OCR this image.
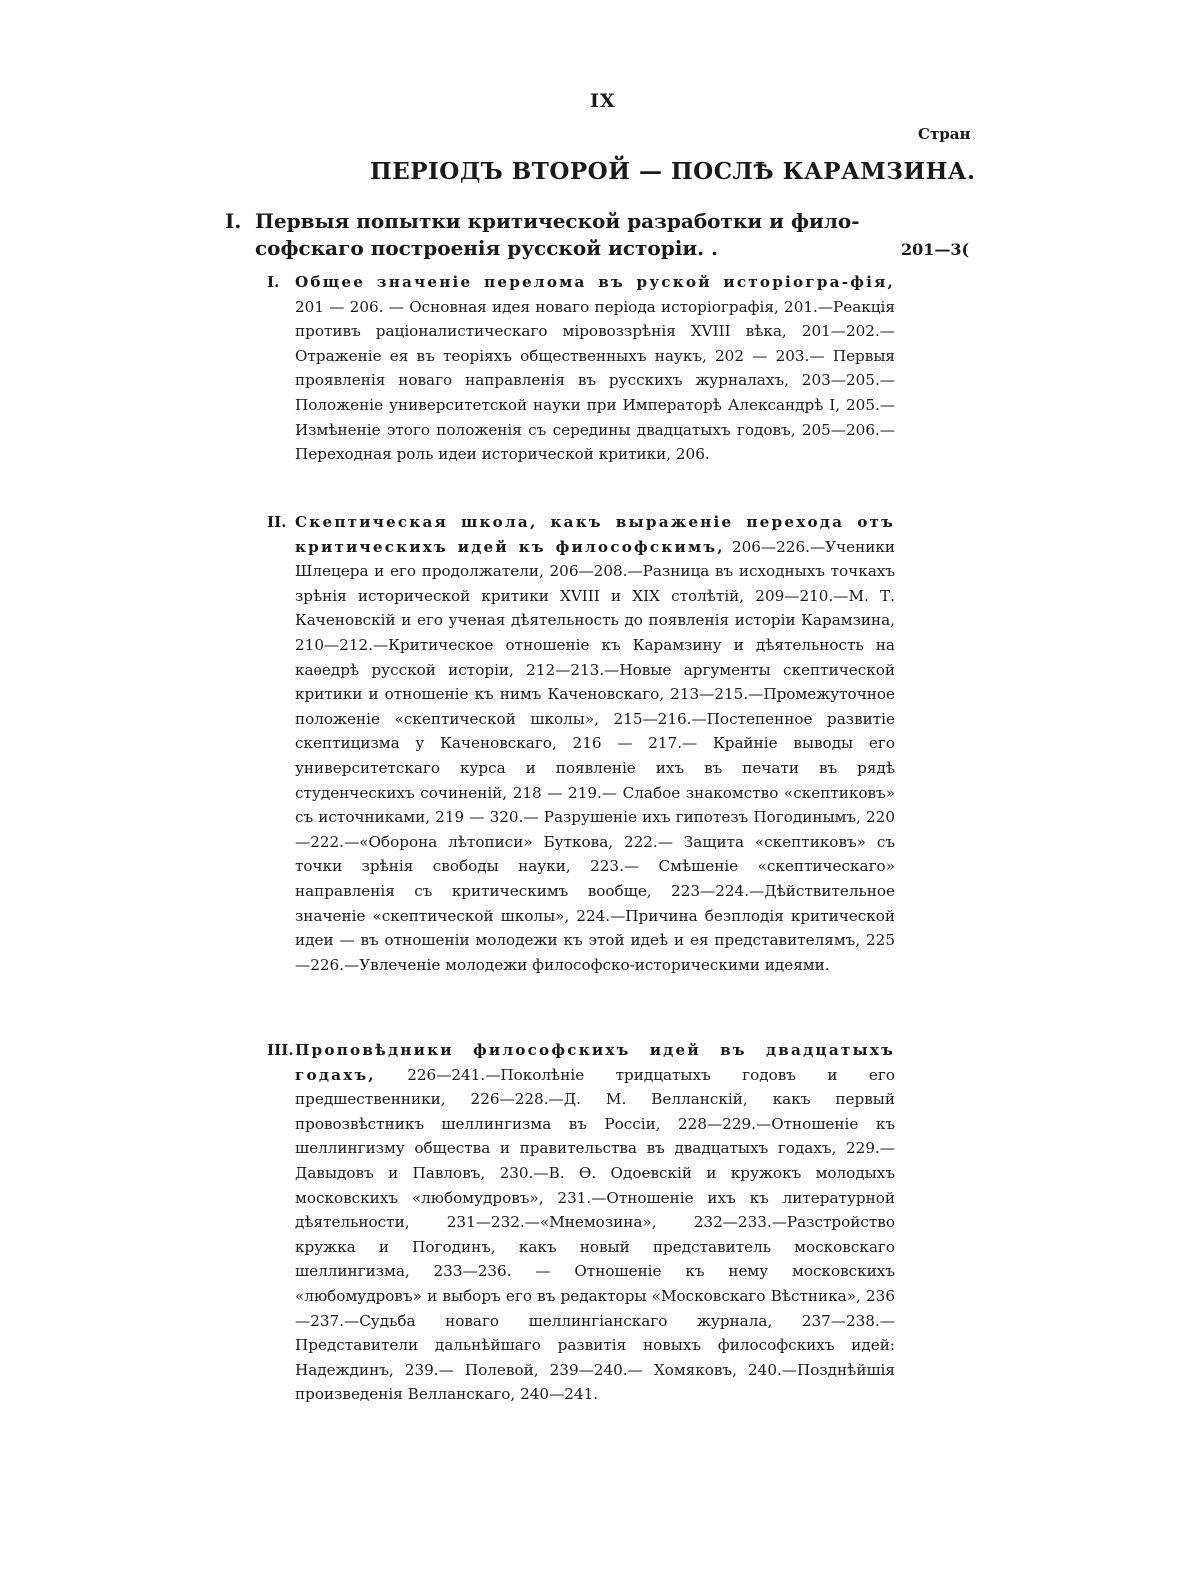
IX
Стран
ПЕРІОДЪ ВТОРОЙ — ПОСЛѢ КАРАМЗИНА.
I. Первыя попытки критической разработки и фило-
софскаго построенія русской исторіи. .	201—3(
I. Общее значеніе перелома въ руской исторіогра-фія, 201 — 206. — Основная идея новаго періода исторіографія, 201.—Реакція противъ раціоналистическаго міровоззрѣнія XVIII вѣка, 201—202.—Отраженіе ея въ теоріяхъ общественныхъ наукъ, 202 — 203.— Первыя проявленія новаго направленія въ русскихъ журналахъ, 203—205.—Положеніе университетской науки при Императорѣ Александрѣ I, 205.— Измѣненіе этого положенія съ середины двадцатыхъ годовъ, 205—206.—Переходная роль идеи исторической критики, 206.
II. Скептическая школа, какъ выраженіе перехода отъ критическихъ идей къ философскимъ, 206—226.—Ученики Шлецера и его продолжатели, 206—208.—Разница въ исходныхъ точкахъ зрѣнія исторической критики XVIII и XIX столѣтій, 209—210.—М. Т. Каченовскій и его ученая дѣятельность до появленія исторіи Карамзина, 210—212.—Критическое отношеніе къ Карамзину и дѣятельность на каѳедрѣ русской исторіи, 212—213.—Новые аргументы скептической критики и отношеніе къ нимъ Каченовскаго, 213—215.—Промежуточное положеніе «скептической школы», 215—216.—Постепенное развитіе скептицизма у Каченовскаго, 216 — 217.— Крайніе выводы его университетскаго курса и появленіе ихъ въ печати въ рядѣ студенческихъ сочиненій, 218 — 219.— Слабое знакомство «скептиковъ» съ источниками, 219 — 320.— Разрушеніе ихъ гипотезъ Погодинымъ, 220—222.—«Оборона лѣтописи» Буткова, 222.— Защита «скептиковъ» съ точки зрѣнія свободы науки, 223.— Смѣшеніе «скептическаго» направленія съ критическимъ вообще, 223—224.—Дѣйствительное значеніе «скептической школы», 224.—Причина безплодія критической идеи — въ отношеніи молодежи къ этой идеѣ и ея представителямъ, 225—226.—Увлеченіе молодежи философско-историческими идеями.
III. Проповѣдники философскихъ идей въ двадцатыхъ годахъ, 226—241.—Поколѣніе тридцатыхъ годовъ и его предшественники, 226—228.—Д. М. Велланскій, какъ первый провозвѣстникъ шеллингизма въ Россіи, 228—229.—Отношеніе къ шеллингизму общества и правительства въ двадцатыхъ годахъ, 229.— Давыдовъ и Павловъ, 230.—В. Ѳ. Одоевскій и кружокъ молодыхъ московскихъ «любомудровъ», 231.—Отношеніе ихъ къ литературной дѣятельности, 231—232.—«Мнемозина», 232—233.—Разстройство кружка и Погодинъ, какъ новый представитель московскаго шеллингизма, 233—236. — Отношеніе къ нему московскихъ «любомудровъ» и выборъ его въ редакторы «Московскаго Вѣстника», 236—237.—Судьба новаго шеллингіанскаго журнала, 237—238.—Представители дальнѣйшаго развитія новыхъ философскихъ идей: Надеждинъ, 239.— Полевой, 239—240.— Хомяковъ, 240.—Позднѣйшія произведенія Велланскаго, 240—241.
